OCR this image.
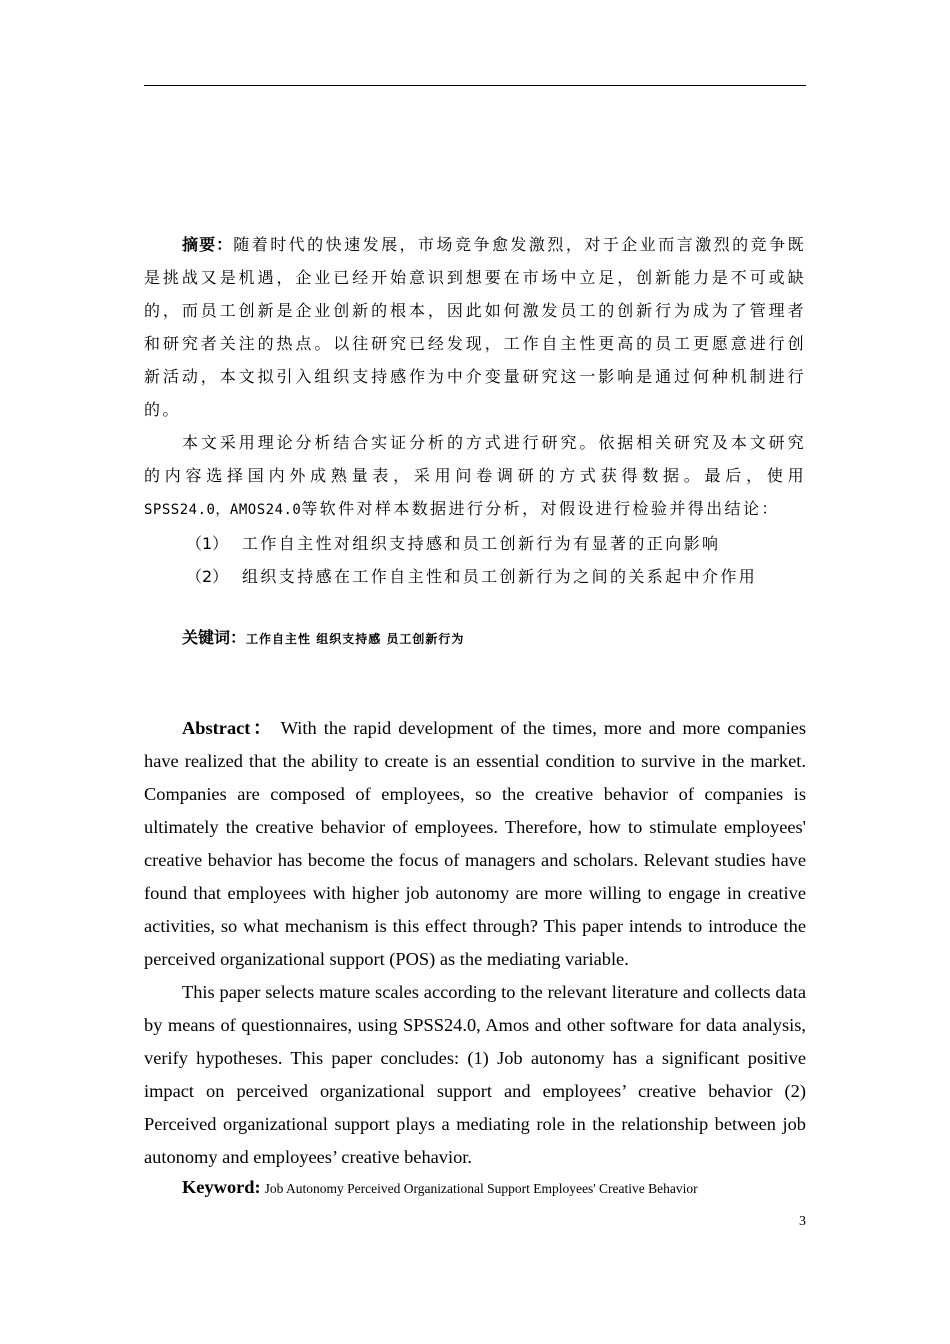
摘要：随着时代的快速发展，市场竞争愈发激烈，对于企业而言激烈的竞争既是挑战又是机遇，企业已经开始意识到想要在市场中立足，创新能力是不可或缺的，而员工创新是企业创新的根本，因此如何激发员工的创新行为成为了管理者和研究者关注的热点。以往研究已经发现，工作自主性更高的员工更愿意进行创新活动，本文拟引入组织支持感作为中介变量研究这一影响是通过何种机制进行的。

本文采用理论分析结合实证分析的方式进行研究。依据相关研究及本文研究的内容选择国内外成熟量表，采用问卷调研的方式获得数据。最后，使用SPSS24.0，AMOS24.0等软件对样本数据进行分析，对假设进行检验并得出结论：

（1） 工作自主性对组织支持感和员工创新行为有显著的正向影响
（2） 组织支持感在工作自主性和员工创新行为之间的关系起中介作用
关键词：工作自主性 组织支持感 员工创新行为

Abstract： With the rapid development of the times, more and more companies have realized that the ability to create is an essential condition to survive in the market. Companies are composed of employees, so the creative behavior of companies is ultimately the creative behavior of employees. Therefore, how to stimulate employees' creative behavior has become the focus of managers and scholars. Relevant studies have found that employees with higher job autonomy are more willing to engage in creative activities, so what mechanism is this effect through? This paper intends to introduce the perceived organizational support (POS) as the mediating variable.

This paper selects mature scales according to the relevant literature and collects data by means of questionnaires, using SPSS24.0, Amos and other software for data analysis, verify hypotheses. This paper concludes: (1) Job autonomy has a significant positive impact on perceived organizational support and employees’ creative behavior (2) Perceived organizational support plays a mediating role in the relationship between job autonomy and employees’ creative behavior.

Keyword: Job Autonomy Perceived Organizational Support Employees' Creative Behavior
3
